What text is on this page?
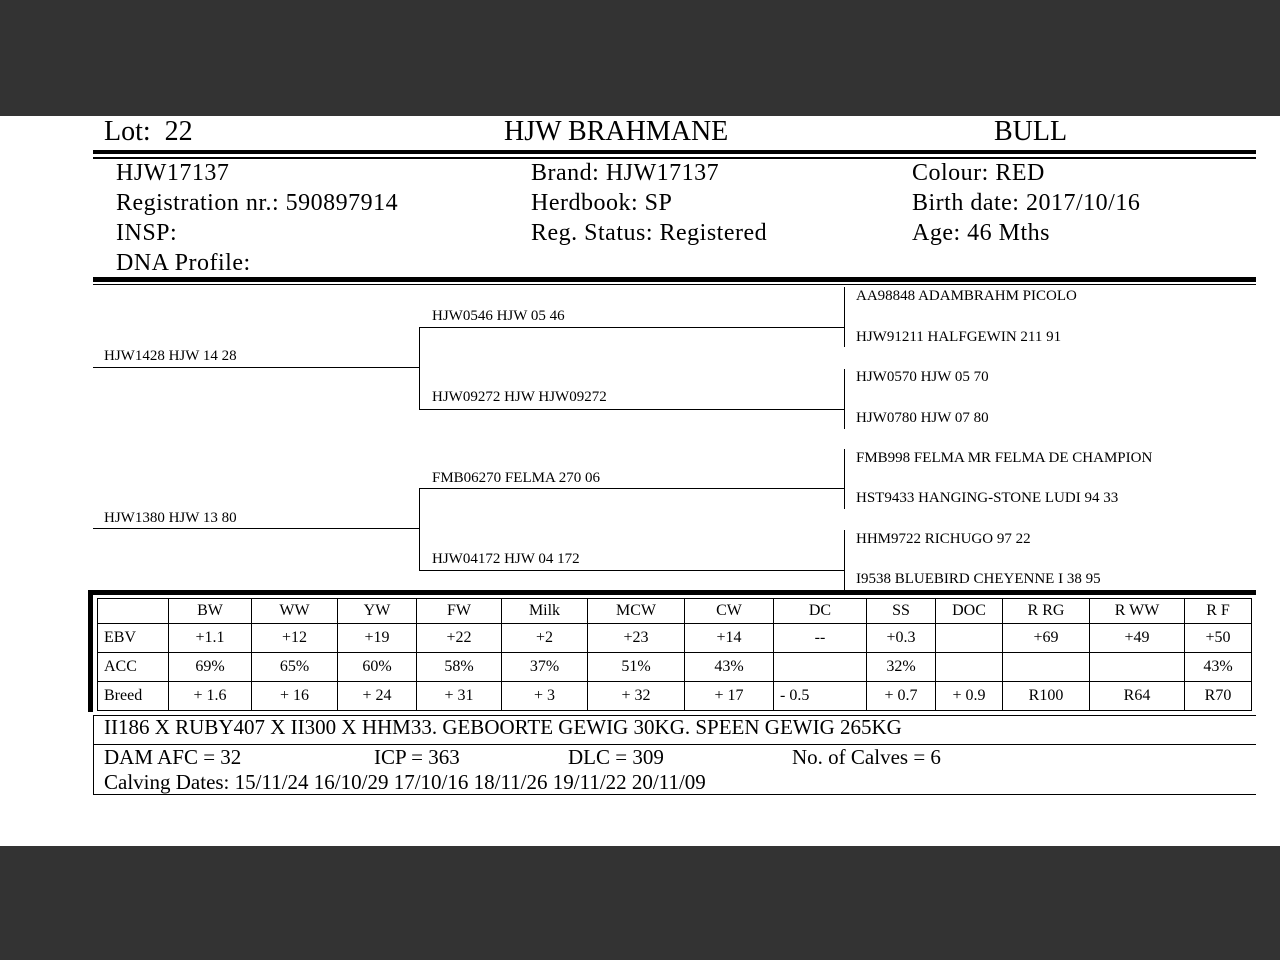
Lot: 22	HJW BRAHMANE	BULL
HJW17137
Registration nr.: 590897914
INSP:
DNA Profile:
Brand: HJW17137
Herdbook: SP
Reg. Status: Registered
Colour: RED
Birth date: 2017/10/16
Age: 46 Mths
HJW1428 HJW 14 28
HJW1380 HJW 13 80
HJW0546 HJW 05 46
HJW09272 HJW HJW09272
FMB06270 FELMA 270 06
HJW04172 HJW 04 172
AA98848 ADAMBRAHM PICOLO
HJW91211 HALFGEWIN 211 91
HJW0570 HJW 05 70
HJW0780 HJW 07 80
FMB998 FELMA MR FELMA DE CHAMPION
HST9433 HANGING-STONE LUDI 94 33
HHM9722 RICHUGO 97 22
I9538 BLUEBIRD CHEYENNE I 38 95
	BW	WW	YW	FW	Milk	MCW	CW	DC	SS	DOC	R RG	R WW	R F
EBV	+1.1	+12	+19	+22	+2	+23	+14	--	+0.3		+69	+49	+50
ACC	69%	65%	60%	58%	37%	51%	43%		32%				43%
Breed	+ 1.6	+ 16	+ 24	+ 31	+ 3	+ 32	+ 17	- 0.5	+ 0.7	+ 0.9	R100	R64	R70
II186 X RUBY407 X II300 X HHM33. GEBOORTE GEWIG 30KG. SPEEN GEWIG 265KG
DAM AFC = 32	ICP = 363	DLC = 309	No. of Calves = 6
Calving Dates: 15/11/24 16/10/29 17/10/16 18/11/26 19/11/22 20/11/09
